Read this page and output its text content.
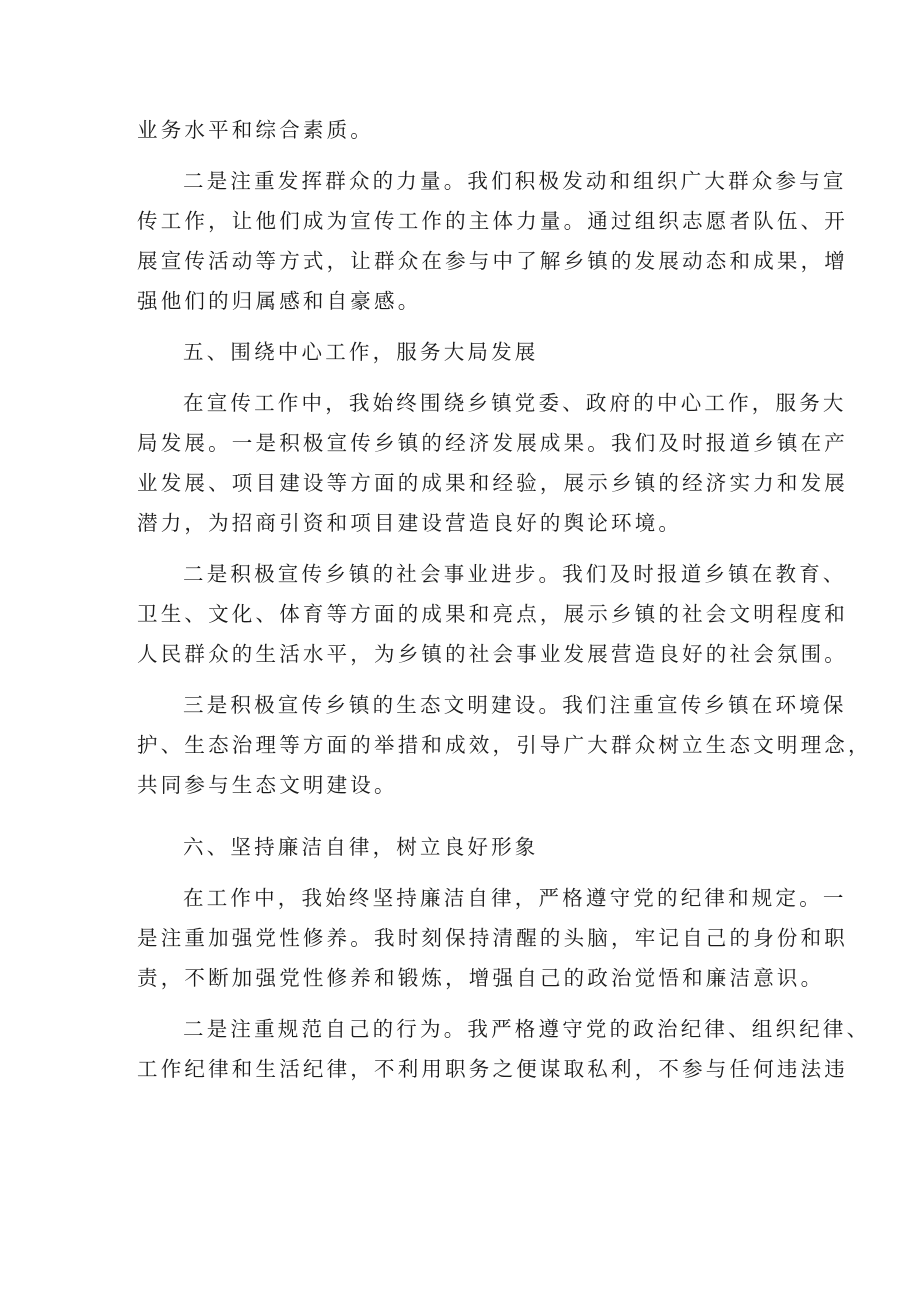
业务水平和综合素质。
二是注重发挥群众的力量。我们积极发动和组织广大群众参与宣
传工作，让他们成为宣传工作的主体力量。通过组织志愿者队伍、开
展宣传活动等方式，让群众在参与中了解乡镇的发展动态和成果，增
强他们的归属感和自豪感。
五、围绕中心工作，服务大局发展
在宣传工作中，我始终围绕乡镇党委、政府的中心工作，服务大
局发展。一是积极宣传乡镇的经济发展成果。我们及时报道乡镇在产
业发展、项目建设等方面的成果和经验，展示乡镇的经济实力和发展
潜力，为招商引资和项目建设营造良好的舆论环境。
二是积极宣传乡镇的社会事业进步。我们及时报道乡镇在教育、
卫生、文化、体育等方面的成果和亮点，展示乡镇的社会文明程度和
人民群众的生活水平，为乡镇的社会事业发展营造良好的社会氛围。
三是积极宣传乡镇的生态文明建设。我们注重宣传乡镇在环境保
护、生态治理等方面的举措和成效，引导广大群众树立生态文明理念，
共同参与生态文明建设。
六、坚持廉洁自律，树立良好形象
在工作中，我始终坚持廉洁自律，严格遵守党的纪律和规定。一
是注重加强党性修养。我时刻保持清醒的头脑，牢记自己的身份和职
责，不断加强党性修养和锻炼，增强自己的政治觉悟和廉洁意识。
二是注重规范自己的行为。我严格遵守党的政治纪律、组织纪律、
工作纪律和生活纪律，不利用职务之便谋取私利，不参与任何违法违
